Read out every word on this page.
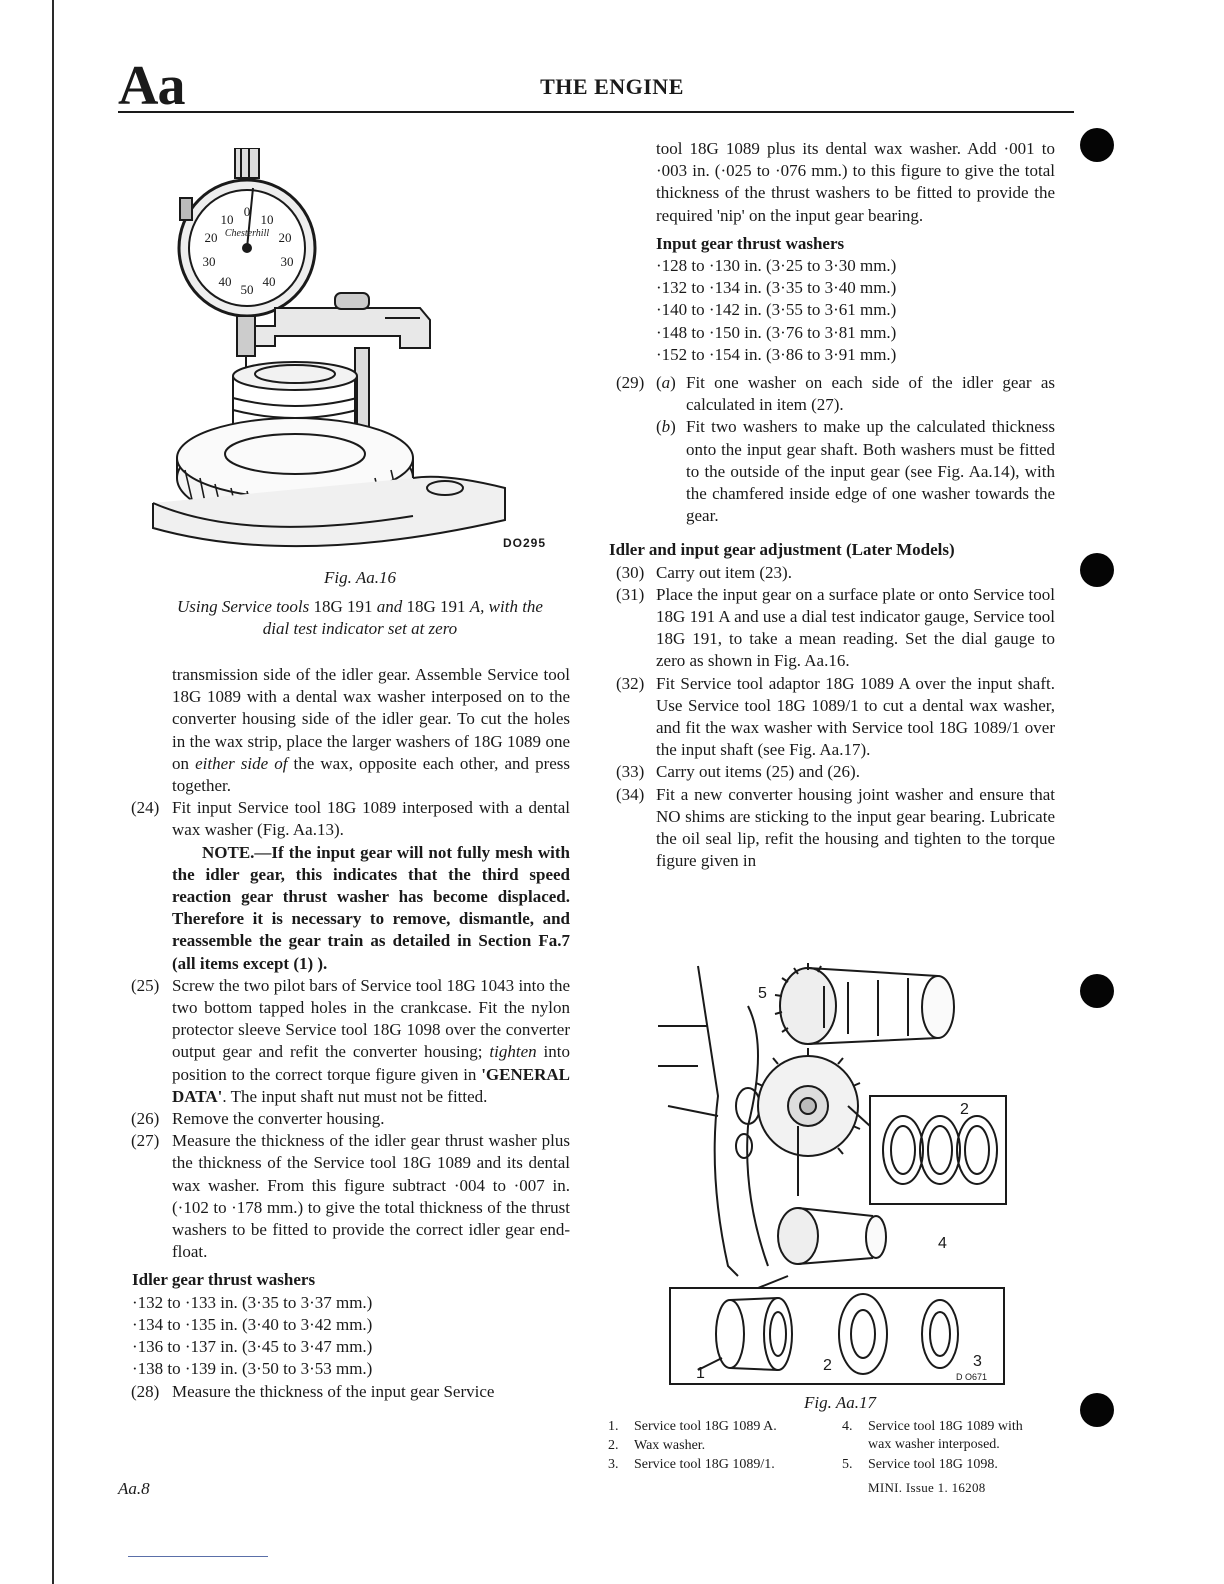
Aa	THE ENGINE
10
0
10
20	20
30	30
40
50
40
Chesterhill
DO295
Fig. Aa.16
Using Service tools 18G 191 and 18G 191 A, with the
dial test indicator set at zero

transmission side of the idler gear. Assemble Service tool 18G 1089 with a dental wax washer interposed on to the converter housing side of the idler gear. To cut the holes in the wax strip, place the larger washers of 18G 1089 one on either side of the wax, opposite each other, and press together.

(24) Fit input Service tool 18G 1089 interposed with a dental wax washer (Fig. Aa.13).

NOTE.—If the input gear will not fully mesh with the idler gear, this indicates that the third speed reaction gear thrust washer has become displaced. Therefore it is necessary to remove, dismantle, and reassemble the gear train as detailed in Section Fa.7 (all items except (1) ).

(25) Screw the two pilot bars of Service tool 18G 1043 into the two bottom tapped holes in the crankcase. Fit the nylon protector sleeve Service tool 18G 1098 over the converter output gear and refit the converter housing; tighten into position to the correct torque figure given in 'GENERAL DATA'. The input shaft nut must not be fitted.
(26) Remove the converter housing.
(27) Measure the thickness of the idler gear thrust washer plus the thickness of the Service tool 18G 1089 and its dental wax washer. From this figure subtract ·004 to ·007 in. (·102 to ·178 mm.) to give the total thickness of the thrust washers to be fitted to provide the correct idler gear end-float.

Idler gear thrust washers

·132 to ·133 in. (3·35 to 3·37 mm.)

·134 to ·135 in. (3·40 to 3·42 mm.)

·136 to ·137 in. (3·45 to 3·47 mm.)

·138 to ·139 in. (3·50 to 3·53 mm.)

(28) Measure the thickness of the input gear Service

tool 18G 1089 plus its dental wax washer. Add ·001 to ·003 in. (·025 to ·076 mm.) to this figure to give the total thickness of the thrust washers to be fitted to provide the required 'nip' on the input gear bearing.

Input gear thrust washers

·128 to ·130 in. (3·25 to 3·30 mm.)

·132 to ·134 in. (3·35 to 3·40 mm.)

·140 to ·142 in. (3·55 to 3·61 mm.)

·148 to ·150 in. (3·76 to 3·81 mm.)

·152 to ·154 in. (3·86 to 3·91 mm.)

(29) (a) Fit one washer on each side of the idler gear as calculated in item (27).
(b) Fit two washers to make up the calculated thickness onto the input gear shaft. Both washers must be fitted to the outside of the input gear (see Fig. Aa.14), with the chamfered inside edge of one washer towards the gear.

Idler and input gear adjustment (Later Models)

(30) Carry out item (23).
(31) Place the input gear on a surface plate or onto Service tool 18G 191 A and use a dial test indicator gauge, Service tool 18G 191, to take a mean reading. Set the dial gauge to zero as shown in Fig. Aa.16.
(32) Fit Service tool adaptor 18G 1089 A over the input shaft. Use Service tool 18G 1089/1 to cut a dental wax washer, and fit the wax washer with Service tool 18G 1089/1 over the input shaft (see Fig. Aa.17).
(33) Carry out items (25) and (26).
(34) Fit a new converter housing joint washer and ensure that NO shims are sticking to the input gear bearing. Lubricate the oil seal lip, refit the housing and tighten to the torque figure given in
5
2
4
1	2	3
D O671
Fig. Aa.17
1. Service tool 18G 1089 A.
2. Wax washer.
3. Service tool 18G 1089/1.
4. Service tool 18G 1089 with
wax washer interposed.
5. Service tool 18G 1098.
Aa.8	MINI. Issue 1. 16208
